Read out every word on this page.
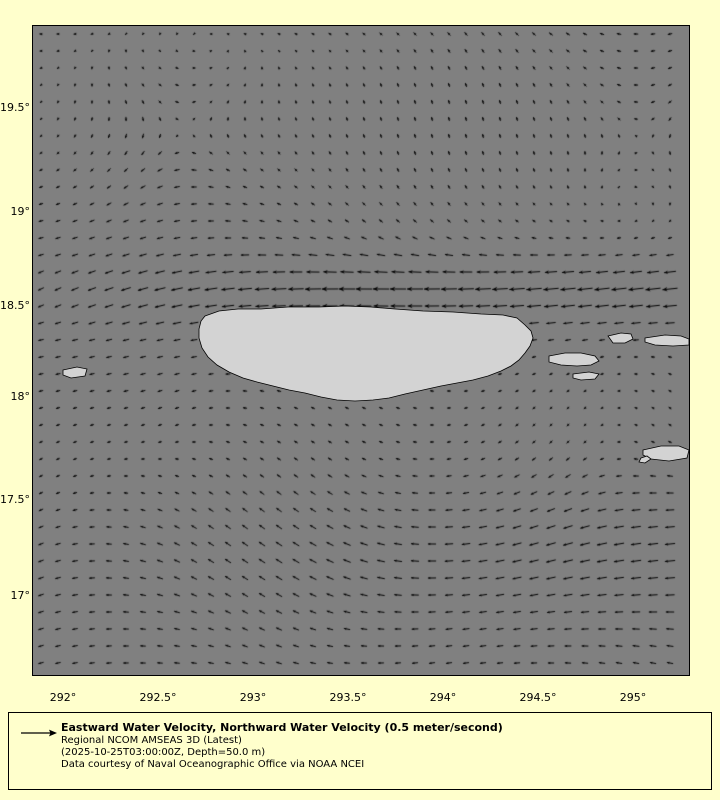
19.5°
19°
18.5°
18°
17.5°
17°
292°	292.5°	293°	293.5°	294°	294.5°	295°
Eastward Water Velocity, Northward Water Velocity (0.5 meter/second)
Regional NCOM AMSEAS 3D (Latest)
(2025-10-25T03:00:00Z, Depth=50.0 m)
Data courtesy of Naval Oceanographic Office via NOAA NCEI
